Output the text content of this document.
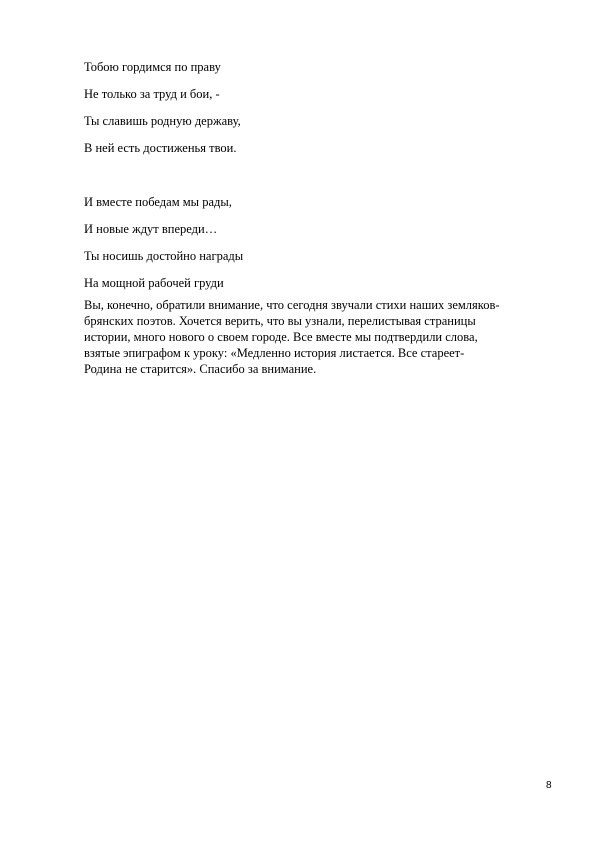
Тобою гордимся по праву
Не только за труд и бои, -
Ты славишь родную державу,
В ней есть достиженья твои.
И вместе победам мы рады,
И новые ждут впереди…
Ты носишь достойно награды
На мощной рабочей груди
Вы, конечно, обратили внимание, что сегодня звучали стихи наших земляков-
брянских поэтов. Хочется верить, что вы узнали, перелистывая страницы
истории, много нового о своем городе. Все вместе мы подтвердили слова,
взятые эпиграфом к уроку: «Медленно история листается. Все стареет-
Родина не старится». Спасибо за внимание.
8
